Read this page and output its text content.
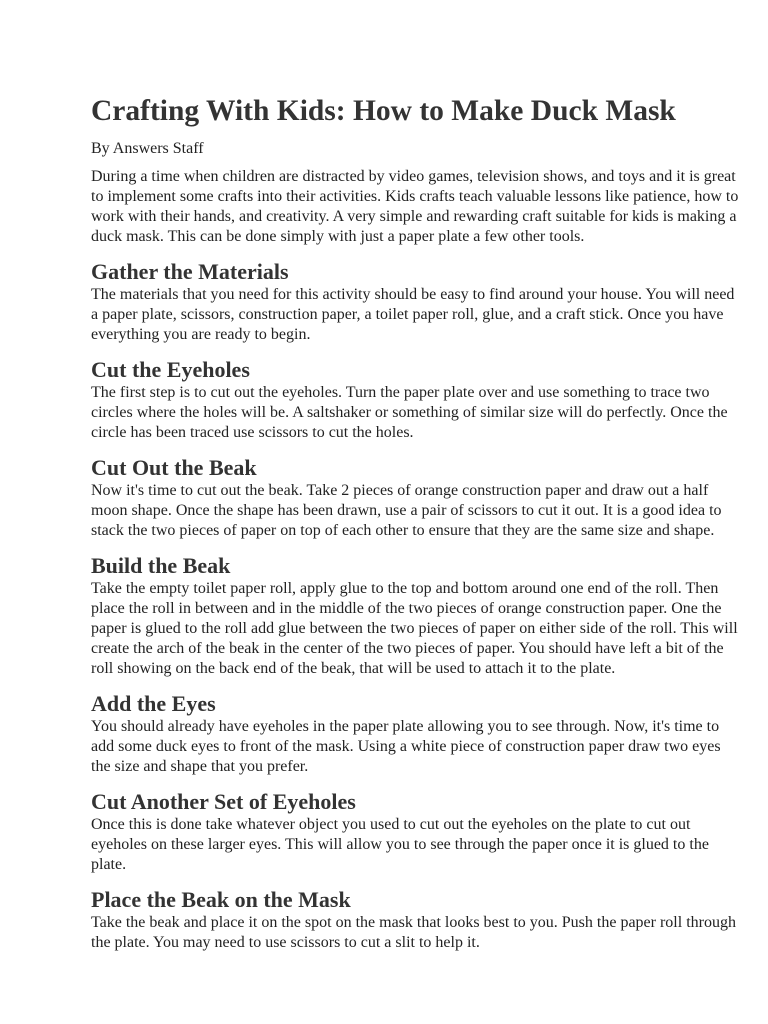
Crafting With Kids: How to Make Duck Mask

By Answers Staff

During a time when children are distracted by video games, television shows, and toys and it is great
to implement some crafts into their activities. Kids crafts teach valuable lessons like patience, how to
work with their hands, and creativity. A very simple and rewarding craft suitable for kids is making a
duck mask. This can be done simply with just a paper plate a few other tools.

Gather the Materials

The materials that you need for this activity should be easy to find around your house. You will need
a paper plate, scissors, construction paper, a toilet paper roll, glue, and a craft stick. Once you have
everything you are ready to begin.

Cut the Eyeholes

The first step is to cut out the eyeholes. Turn the paper plate over and use something to trace two
circles where the holes will be. A saltshaker or something of similar size will do perfectly. Once the
circle has been traced use scissors to cut the holes.

Cut Out the Beak

Now it's time to cut out the beak. Take 2 pieces of orange construction paper and draw out a half
moon shape. Once the shape has been drawn, use a pair of scissors to cut it out. It is a good idea to
stack the two pieces of paper on top of each other to ensure that they are the same size and shape.

Build the Beak

Take the empty toilet paper roll, apply glue to the top and bottom around one end of the roll. Then
place the roll in between and in the middle of the two pieces of orange construction paper. One the
paper is glued to the roll add glue between the two pieces of paper on either side of the roll. This will
create the arch of the beak in the center of the two pieces of paper. You should have left a bit of the
roll showing on the back end of the beak, that will be used to attach it to the plate.

Add the Eyes

You should already have eyeholes in the paper plate allowing you to see through. Now, it's time to
add some duck eyes to front of the mask. Using a white piece of construction paper draw two eyes
the size and shape that you prefer.

Cut Another Set of Eyeholes

Once this is done take whatever object you used to cut out the eyeholes on the plate to cut out
eyeholes on these larger eyes. This will allow you to see through the paper once it is glued to the
plate.

Place the Beak on the Mask

Take the beak and place it on the spot on the mask that looks best to you. Push the paper roll through
the plate. You may need to use scissors to cut a slit to help it.
